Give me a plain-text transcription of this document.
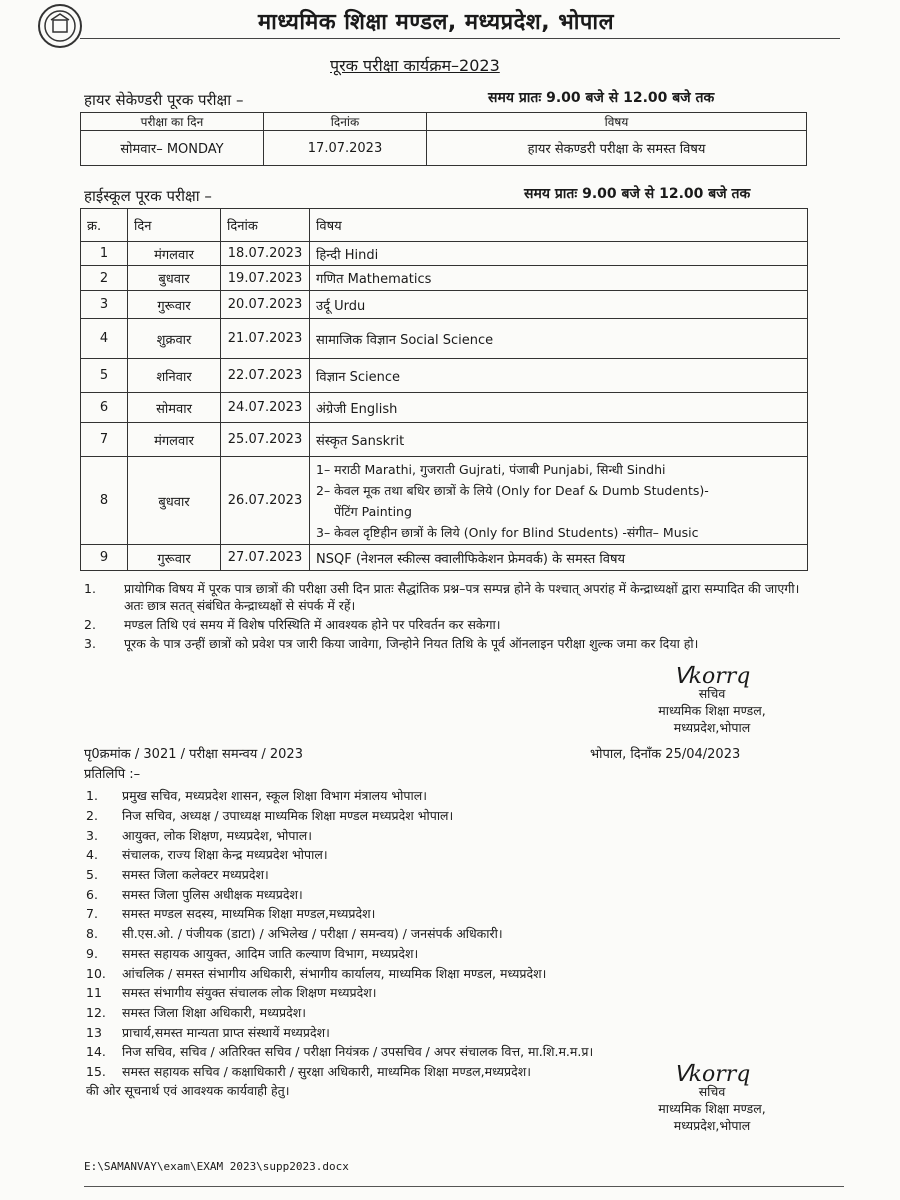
माध्यमिक शिक्षा मण्डल, मध्यप्रदेश, भोपाल
पूरक परीक्षा कार्यक्रम–2023
हायर सेकेण्डरी पूरक परीक्षा –	समय प्रातः 9.00 बजे से 12.00 बजे तक
परीक्षा का दिन	दिनांक	विषय
सोमवार– MONDAY	17.07.2023	हायर सेकण्डरी परीक्षा के समस्त विषय
हाईस्कूल पूरक परीक्षा –	समय प्रातः 9.00 बजे से 12.00 बजे तक
क्र.	दिन	दिनांक	विषय
1	मंगलवार	18.07.2023	हिन्दी Hindi
2	बुधवार	19.07.2023	गणित Mathematics
3	गुरूवार	20.07.2023	उर्दू Urdu
4	शुक्रवार	21.07.2023	सामाजिक विज्ञान Social Science
5	शनिवार	22.07.2023	विज्ञान Science
6	सोमवार	24.07.2023	अंग्रेजी English
7	मंगलवार	25.07.2023	संस्कृत Sanskrit
8	बुधवार	26.07.2023	1– मराठी Marathi, गुजराती Gujrati, पंजाबी Punjabi, सिन्धी Sindhi
2– केवल मूक तथा बधिर छात्रों के लिये (Only for Deaf & Dumb Students)-
पेंटिंग Painting
3– केवल दृष्टिहीन छात्रों के लिये (Only for Blind Students) -संगीत– Music

9	गुरूवार	27.07.2023	NSQF (नेशनल स्कील्स क्वालीफिकेशन फ्रेमवर्क) के समस्त विषय
1.	प्रायोगिक विषय में पूरक पात्र छात्रों की परीक्षा उसी दिन प्रातः सैद्धांतिक प्रश्न–पत्र सम्पन्न होने के पश्चात् अपरांह में केन्द्राध्यक्षों द्वारा सम्पादित की जाएगी। अतः छात्र सतत् संबंधित केन्द्राध्यक्षों से संपर्क में रहें।
2.	मण्डल तिथि एवं समय में विशेष परिस्थिति में आवश्यक होने पर परिवर्तन कर सकेगा।
3.	पूरक के पात्र उन्हीं छात्रों को प्रवेश पत्र जारी किया जावेगा, जिन्होने नियत तिथि के पूर्व ऑनलाइन परीक्षा शुल्क जमा कर दिया हो।
ᐯkorrq
सचिव
माध्यमिक शिक्षा मण्डल,
मध्यप्रदेश,भोपाल
पृ0क्रमांक / 3021 / परीक्षा समन्वय / 2023	भोपाल, दिनाँक 25/04/2023
प्रतिलिपि :–
1.	प्रमुख सचिव, मध्यप्रदेश शासन, स्कूल शिक्षा विभाग मंत्रालय भोपाल।
2.	निज सचिव, अध्यक्ष / उपाध्यक्ष माध्यमिक शिक्षा मण्डल मध्यप्रदेश भोपाल।
3.	आयुक्त, लोक शिक्षण, मध्यप्रदेश, भोपाल।
4.	संचालक, राज्य शिक्षा केन्द्र मध्यप्रदेश भोपाल।
5.	समस्त जिला कलेक्टर मध्यप्रदेश।
6.	समस्त जिला पुलिस अधीक्षक मध्यप्रदेश।
7.	समस्त मण्डल सदस्य, माध्यमिक शिक्षा मण्डल,मध्यप्रदेश।
8.	सी.एस.ओ. / पंजीयक (डाटा) / अभिलेख / परीक्षा / समन्वय) / जनसंपर्क अधिकारी।
9.	समस्त सहायक आयुक्त, आदिम जाति कल्याण विभाग, मध्यप्रदेश।
10.	आंचलिक / समस्त संभागीय अधिकारी, संभागीय कार्यालय, माध्यमिक शिक्षा मण्डल, मध्यप्रदेश।
11	समस्त संभागीय संयुक्त संचालक लोक शिक्षण मध्यप्रदेश।
12.	समस्त जिला शिक्षा अधिकारी, मध्यप्रदेश।
13	प्राचार्य,समस्त मान्यता प्राप्त संस्थायें मध्यप्रदेश।
14.	निज सचिव, सचिव / अतिरिक्त सचिव / परीक्षा नियंत्रक / उपसचिव / अपर संचालक वित्त, मा.शि.म.म.प्र।
15.	समस्त सहायक सचिव / कक्षाधिकारी / सुरक्षा अधिकारी, माध्यमिक शिक्षा मण्डल,मध्यप्रदेश।
की ओर सूचनार्थ एवं आवश्यक कार्यवाही हेतु।
ᐯkorrq
सचिव
माध्यमिक शिक्षा मण्डल,
मध्यप्रदेश,भोपाल
E:\SAMANVAY\exam\EXAM 2023\supp2023.docx
